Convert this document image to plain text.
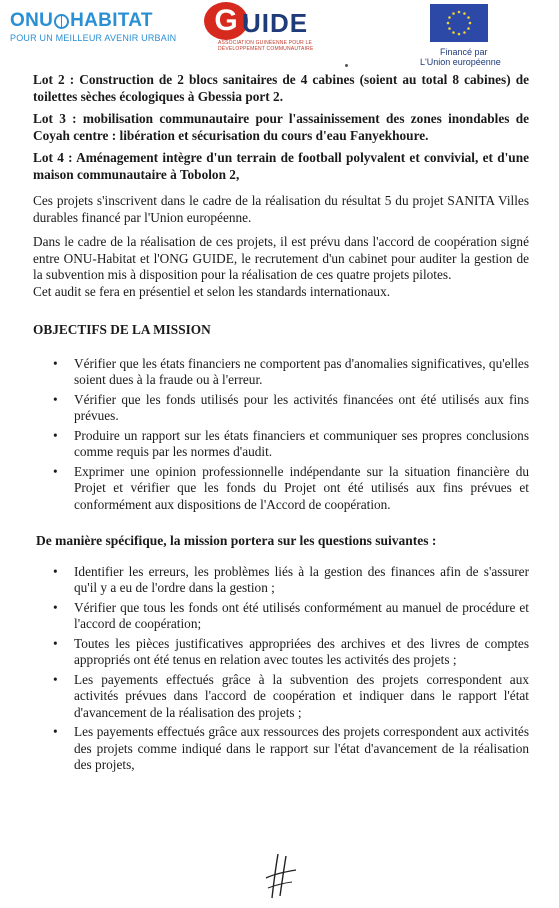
ONU HABITAT
POUR UN MEILLEUR AVENIR URBAIN
G UIDE
ASSOCIATION GUINÉENNE POUR LE
DÉVELOPPEMENT COMMUNAUTAIRE	Financé par
L'Union européenne

Lot 2 : Construction de 2 blocs sanitaires de 4 cabines (soient au total 8 cabines) de toilettes sèches écologiques à Gbessia port 2.

Lot 3 : mobilisation communautaire pour l'assainissement des zones inondables de Coyah centre : libération et sécurisation du cours d'eau Fanyekhoure.

Lot 4 : Aménagement intègre d'un terrain de football polyvalent et convivial, et d'une maison communautaire à Tobolon 2,

Ces projets s'inscrivent dans le cadre de la réalisation du résultat 5 du projet SANITA Villes durables financé par l'Union européenne.

Dans le cadre de la réalisation de ces projets, il est prévu dans l'accord de coopération signé entre ONU-Habitat et l'ONG GUIDE, le recrutement d'un cabinet pour auditer la gestion de la subvention mis à disposition pour la réalisation de ces quatre projets pilotes.

Cet audit se fera en présentiel et selon les standards internationaux.

OBJECTIFS DE LA MISSION
• Vérifier que les états financiers ne comportent pas d'anomalies significatives, qu'elles soient dues à la fraude ou à l'erreur.
• Vérifier que les fonds utilisés pour les activités financées ont été utilisés aux fins prévues.
• Produire un rapport sur les états financiers et communiquer ses propres conclusions comme requis par les normes d'audit.
• Exprimer une opinion professionnelle indépendante sur la situation financière du Projet et vérifier que les fonds du Projet ont été utilisés aux fins prévues et conformément aux dispositions de l'Accord de coopération.
De manière spécifique, la mission portera sur les questions suivantes :
• Identifier les erreurs, les problèmes liés à la gestion des finances afin de s'assurer qu'il y a eu de l'ordre dans la gestion ;
• Vérifier que tous les fonds ont été utilisés conformément au manuel de procédure et l'accord de coopération;
• Toutes les pièces justificatives appropriées des archives et des livres de comptes appropriés ont été tenus en relation avec toutes les activités des projets ;
• Les payements effectués grâce à la subvention des projets correspondent aux activités prévues dans l'accord de coopération et indiquer dans le rapport l'état d'avancement de la réalisation des projets ;
• Les payements effectués grâce aux ressources des projets correspondent aux activités des projets comme indiqué dans le rapport sur l'état d'avancement de la réalisation des projets,
